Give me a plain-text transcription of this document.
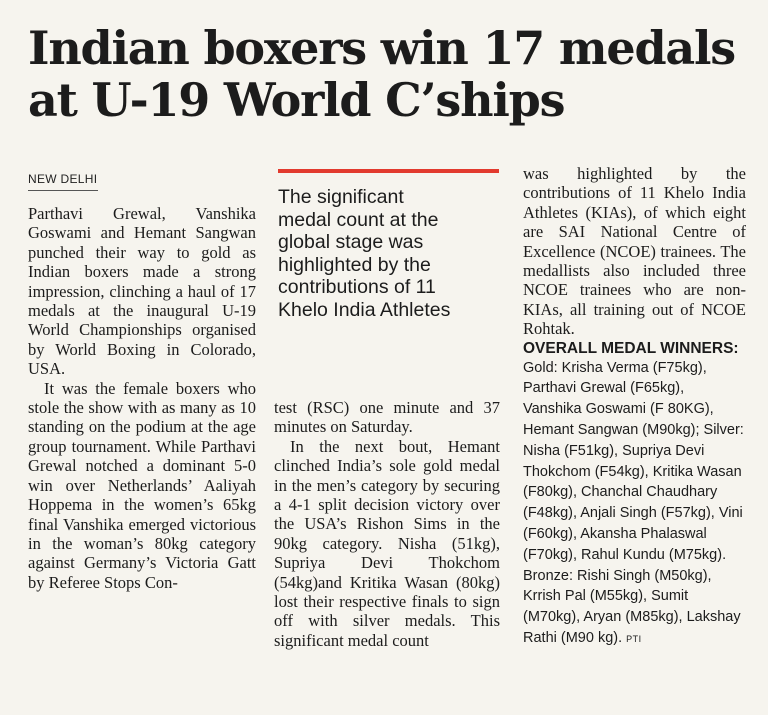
Indian boxers win 17 medals at U-19 World C’ships
NEW DELHI

Parthavi Grewal, Vanshika Goswami and Hemant Sangwan punched their way to gold as Indian boxers made a strong impression, clinching a haul of 17 medals at the inaugural U-19 World Championships organised by World Boxing in Colorado, USA.

It was the female boxers who stole the show with as many as 10 standing on the podium at the age group tournament. While Parthavi Grewal notched a dominant 5-0 win over Netherlands’ Aaliyah Hoppema in the women’s 65kg final Vanshika emerged victorious in the woman’s 80kg category against Germany’s Victoria Gatt by Referee Stops Con-

The significant
medal count at the
global stage was
highlighted by the
contributions of 11
Khelo India Athletes

test (RSC) one minute and 37 minutes on Saturday.

In the next bout, Hemant clinched India’s sole gold medal in the men’s category by securing a 4-1 split decision victory over the USA’s Rishon Sims in the 90kg category. Nisha (51kg), Supriya Devi Thokchom (54kg)and Kritika Wasan (80kg) lost their respective finals to sign off with silver medals. This significant medal count

was highlighted by the contributions of 11 Khelo India Athletes (KIAs), of which eight are SAI National Centre of Excellence (NCOE) trainees. The medallists also included three NCOE trainees who are non-KIAs, all training out of NCOE Rohtak.

OVERALL MEDAL WINNERS:

Gold: Krisha Verma (F75kg), Parthavi Grewal (F65kg), Vanshika Goswami (F 80KG), Hemant Sangwan (M90kg); Silver: Nisha (F51kg), Supriya Devi Thokchom (F54kg), Kritika Wasan (F80kg), Chanchal Chaudhary (F48kg), Anjali Singh (F57kg), Vini (F60kg), Akansha Phalaswal (F70kg), Rahul Kundu (M75kg). Bronze: Rishi Singh (M50kg), Krrish Pal (M55kg), Sumit (M70kg), Aryan (M85kg), Lakshay Rathi (M90 kg). PTI
